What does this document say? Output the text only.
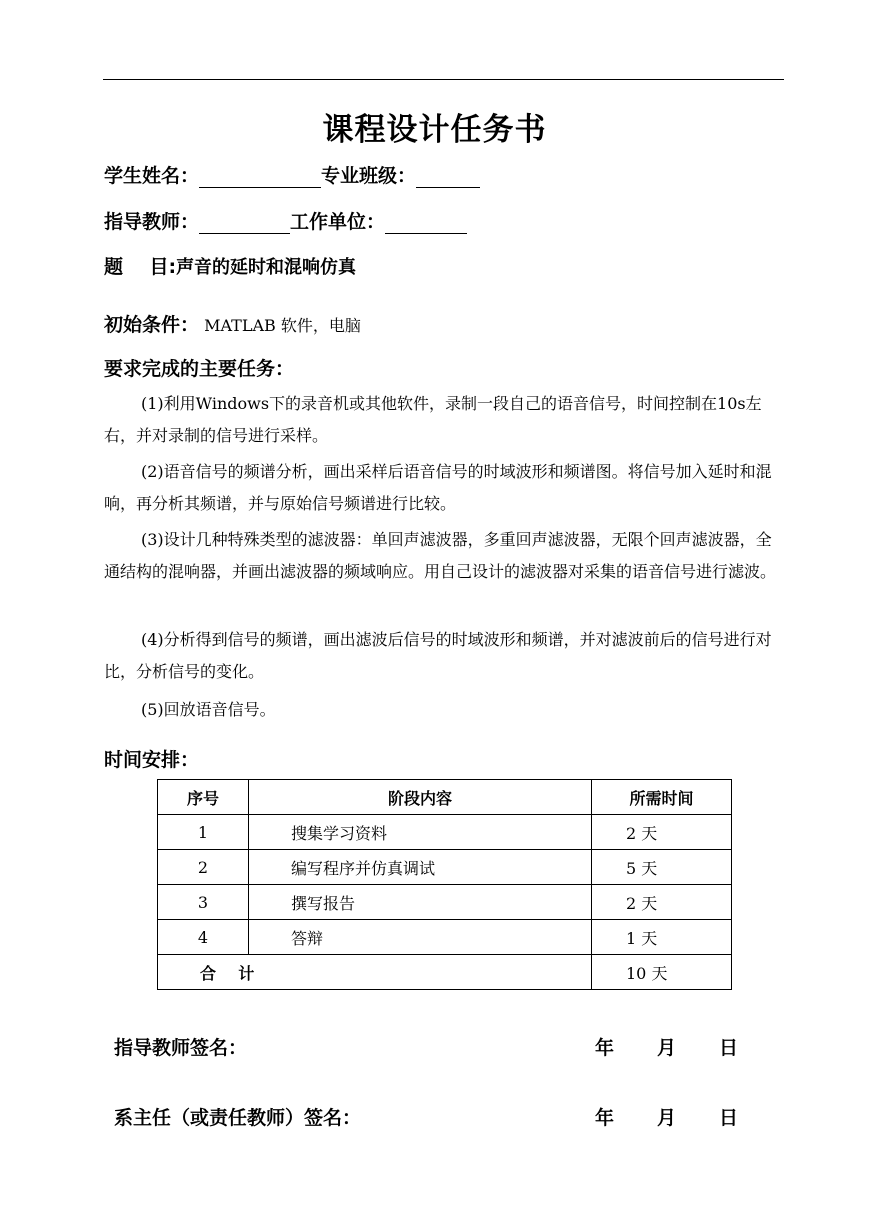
课程设计任务书
学生姓名：	专业班级：
指导教师：	工作单位：
题    目:声音的延时和混响仿真
初始条件： MATLAB 软件，电脑
要求完成的主要任务：
(1)利用Windows下的录音机或其他软件，录制一段自己的语音信号，时间控制在10s左右，并对录制的信号进行采样。
(2)语音信号的频谱分析，画出采样后语音信号的时域波形和频谱图。将信号加入延时和混响，再分析其频谱，并与原始信号频谱进行比较。
(3)设计几种特殊类型的滤波器：单回声滤波器，多重回声滤波器，无限个回声滤波器，全通结构的混响器，并画出滤波器的频域响应。用自己设计的滤波器对采集的语音信号进行滤波。
(4)分析得到信号的频谱，画出滤波后信号的时域波形和频谱，并对滤波前后的信号进行对比，分析信号的变化。
(5)回放语音信号。
时间安排：
序号	阶段内容	所需时间
1	搜集学习资料	2 天
2	编写程序并仿真调试	5 天
3	撰写报告	2 天
4	答辩	1 天
合    计		10 天
指导教师签名：	年 月 日
系主任（或责任教师）签名：	年 月 日
